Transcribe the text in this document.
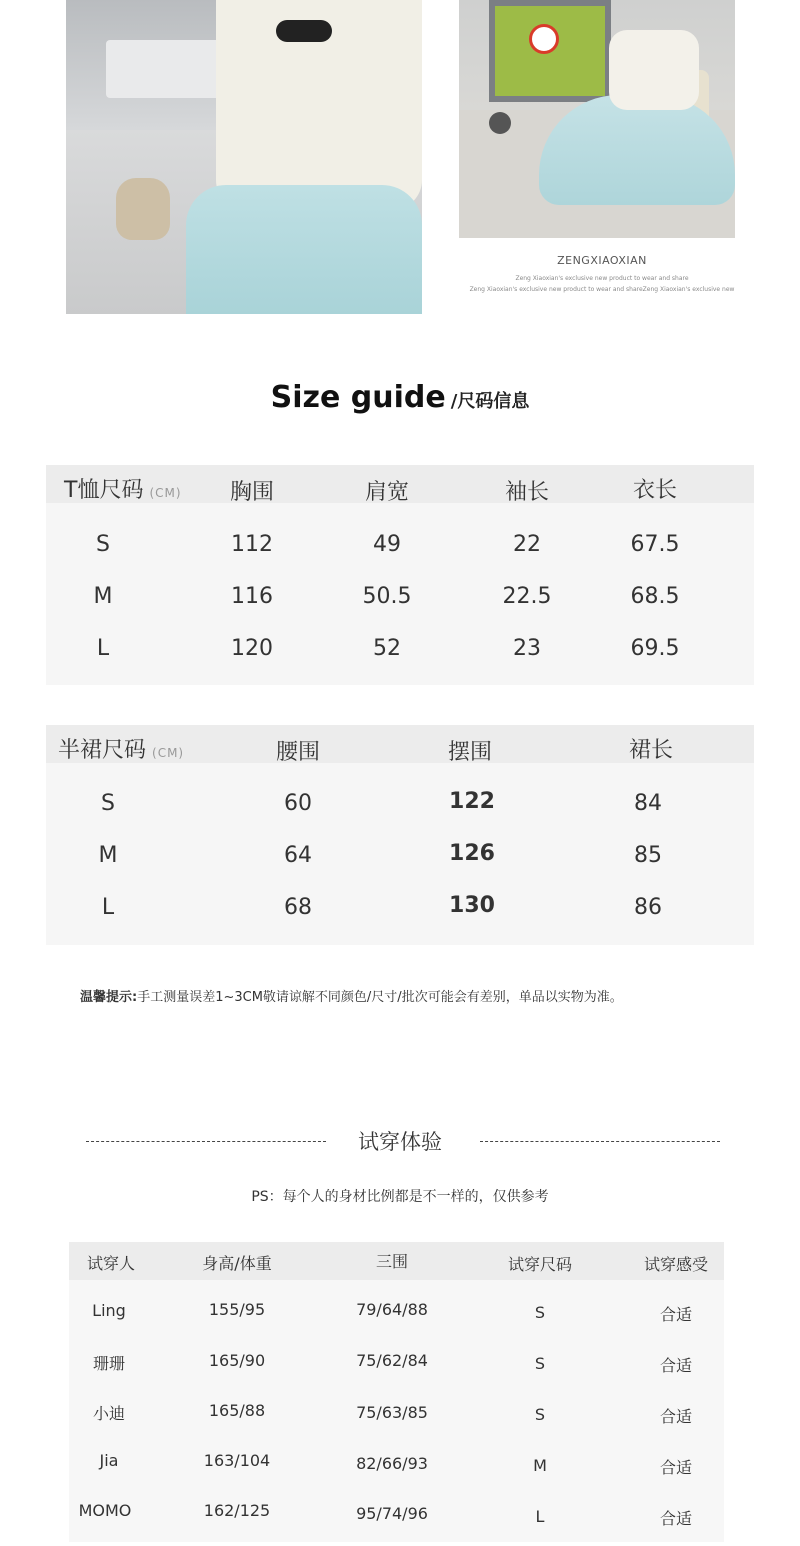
ZENGXIAOXIAN
Zeng Xiaoxian's exclusive new product to wear and share
Zeng Xiaoxian's exclusive new product to wear and shareZeng Xiaoxian's exclusive new
Size guide /尺码信息
T恤尺码 (CM)	胸围	肩宽	袖长	衣长
S	112	49	22	67.5
M	116	50.5	22.5	68.5
L	120	52	23	69.5
半裙尺码 (CM)	腰围	摆围	裙长
S	60	122	84
M	64	126	85
L	68	130	86
温馨提示:手工测量误差1~3CM敬请谅解不同颜色/尺寸/批次可能会有差别，单品以实物为准。
试穿体验
PS：每个人的身材比例都是不一样的，仅供参考
试穿人	身高/体重	三围	试穿尺码	试穿感受
Ling	155/95	79/64/88	S	合适
珊珊	165/90	75/62/84	S	合适
小迪	165/88	75/63/85	S	合适
Jia	163/104	82/66/93	M	合适
MOMO	162/125	95/74/96	L	合适
